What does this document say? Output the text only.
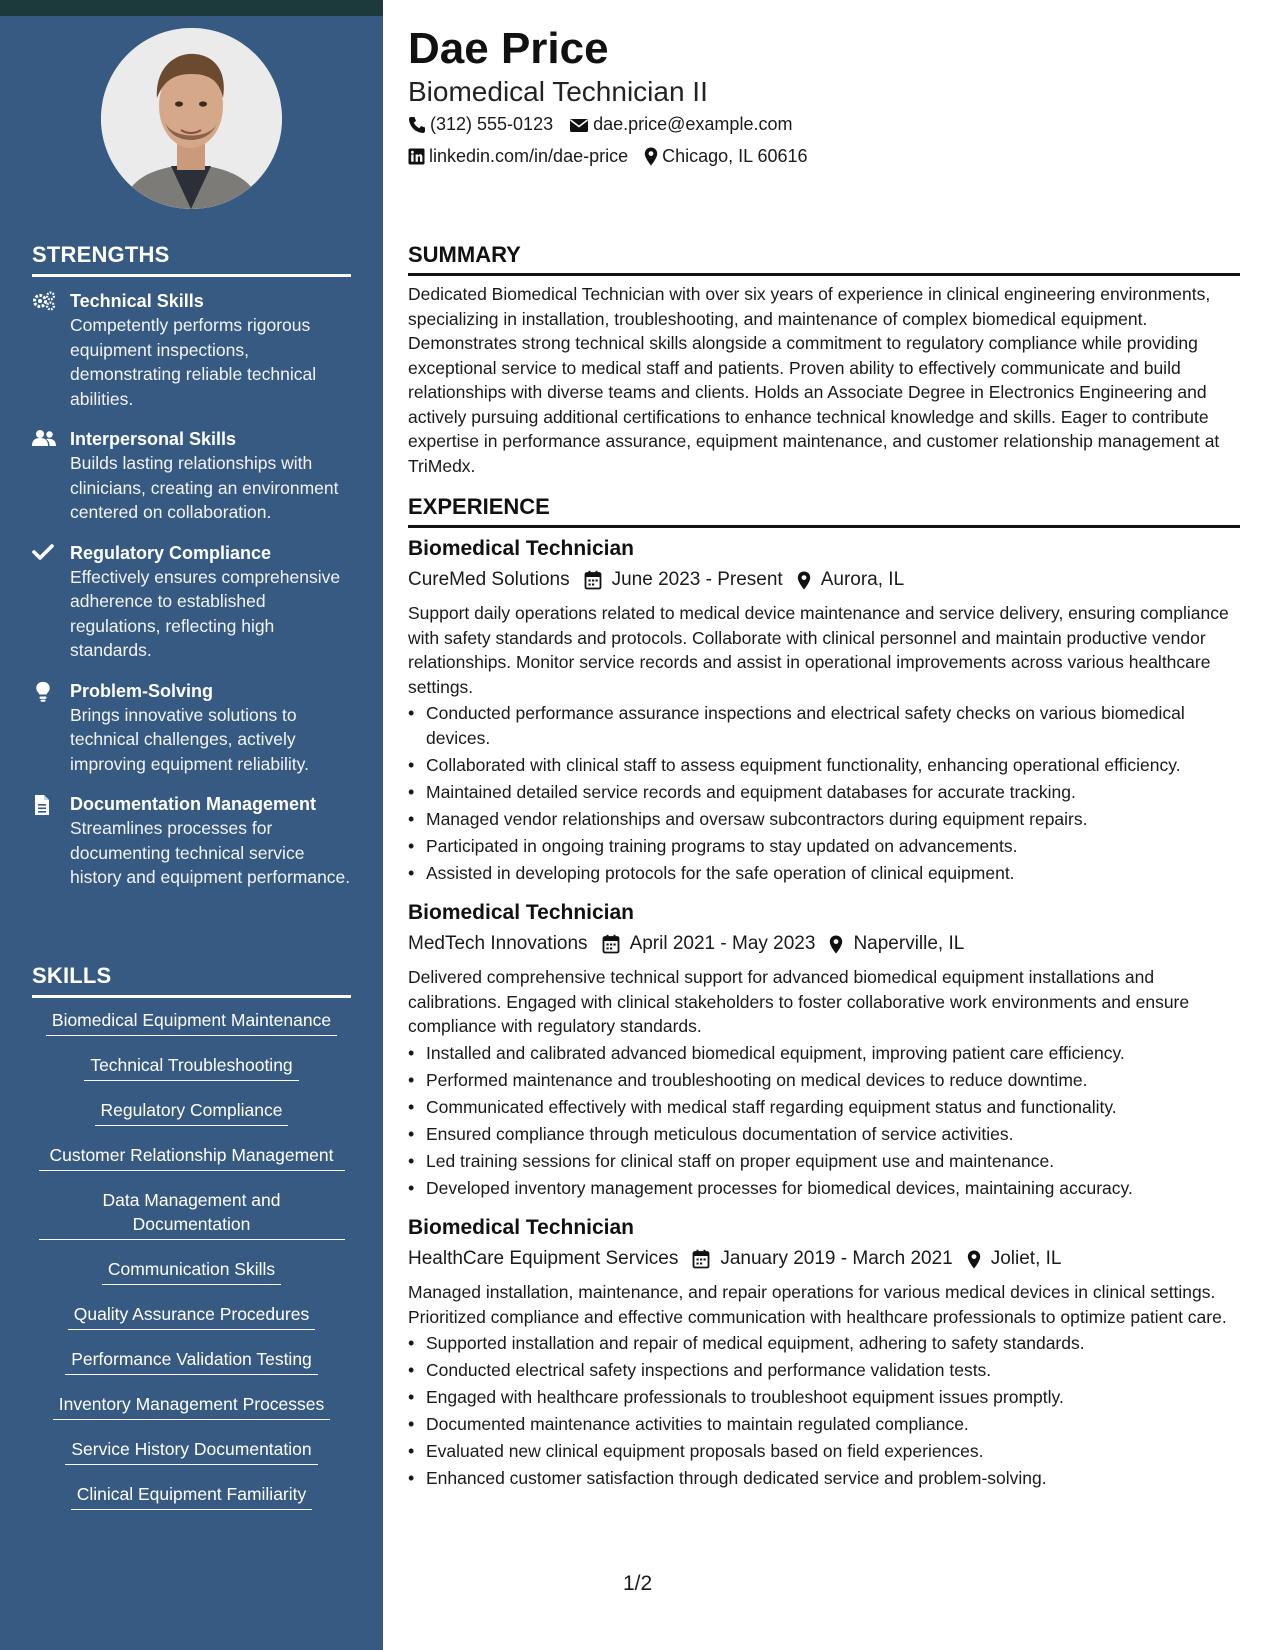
STRENGTHS
Technical Skills
Competently performs rigorous equipment inspections, demonstrating reliable technical abilities.
Interpersonal Skills
Builds lasting relationships with clinicians, creating an environment centered on collaboration.
Regulatory Compliance
Effectively ensures comprehensive adherence to established regulations, reflecting high standards.
Problem-Solving
Brings innovative solutions to technical challenges, actively improving equipment reliability.
Documentation Management
Streamlines processes for documenting technical service history and equipment performance.
SKILLS
Biomedical Equipment Maintenance
Technical Troubleshooting
Regulatory Compliance
Customer Relationship Management
Data Management and Documentation
Communication Skills
Quality Assurance Procedures
Performance Validation Testing
Inventory Management Processes
Service History Documentation
Clinical Equipment Familiarity
Dae Price
Biomedical Technician II
(312) 555-0123 dae.price@example.com
linkedin.com/in/dae-price Chicago, IL 60616
SUMMARY
Dedicated Biomedical Technician with over six years of experience in clinical engineering environments, specializing in installation, troubleshooting, and maintenance of complex biomedical equipment. Demonstrates strong technical skills alongside a commitment to regulatory compliance while providing exceptional service to medical staff and patients. Proven ability to effectively communicate and build relationships with diverse teams and clients. Holds an Associate Degree in Electronics Engineering and actively pursuing additional certifications to enhance technical knowledge and skills. Eager to contribute expertise in performance assurance, equipment maintenance, and customer relationship management at TriMedx.
EXPERIENCE
Biomedical Technician
CureMed Solutions June 2023 - Present Aurora, IL
Support daily operations related to medical device maintenance and service delivery, ensuring compliance with safety standards and protocols. Collaborate with clinical personnel and maintain productive vendor relationships. Monitor service records and assist in operational improvements across various healthcare settings.
• Conducted performance assurance inspections and electrical safety checks on various biomedical devices.
• Collaborated with clinical staff to assess equipment functionality, enhancing operational efficiency.
• Maintained detailed service records and equipment databases for accurate tracking.
• Managed vendor relationships and oversaw subcontractors during equipment repairs.
• Participated in ongoing training programs to stay updated on advancements.
• Assisted in developing protocols for the safe operation of clinical equipment.
Biomedical Technician
MedTech Innovations April 2021 - May 2023 Naperville, IL
Delivered comprehensive technical support for advanced biomedical equipment installations and calibrations. Engaged with clinical stakeholders to foster collaborative work environments and ensure compliance with regulatory standards.
• Installed and calibrated advanced biomedical equipment, improving patient care efficiency.
• Performed maintenance and troubleshooting on medical devices to reduce downtime.
• Communicated effectively with medical staff regarding equipment status and functionality.
• Ensured compliance through meticulous documentation of service activities.
• Led training sessions for clinical staff on proper equipment use and maintenance.
• Developed inventory management processes for biomedical devices, maintaining accuracy.
Biomedical Technician
HealthCare Equipment Services January 2019 - March 2021 Joliet, IL
Managed installation, maintenance, and repair operations for various medical devices in clinical settings. Prioritized compliance and effective communication with healthcare professionals to optimize patient care.
• Supported installation and repair of medical equipment, adhering to safety standards.
• Conducted electrical safety inspections and performance validation tests.
• Engaged with healthcare professionals to troubleshoot equipment issues promptly.
• Documented maintenance activities to maintain regulated compliance.
• Evaluated new clinical equipment proposals based on field experiences.
• Enhanced customer satisfaction through dedicated service and problem-solving.
1/2
